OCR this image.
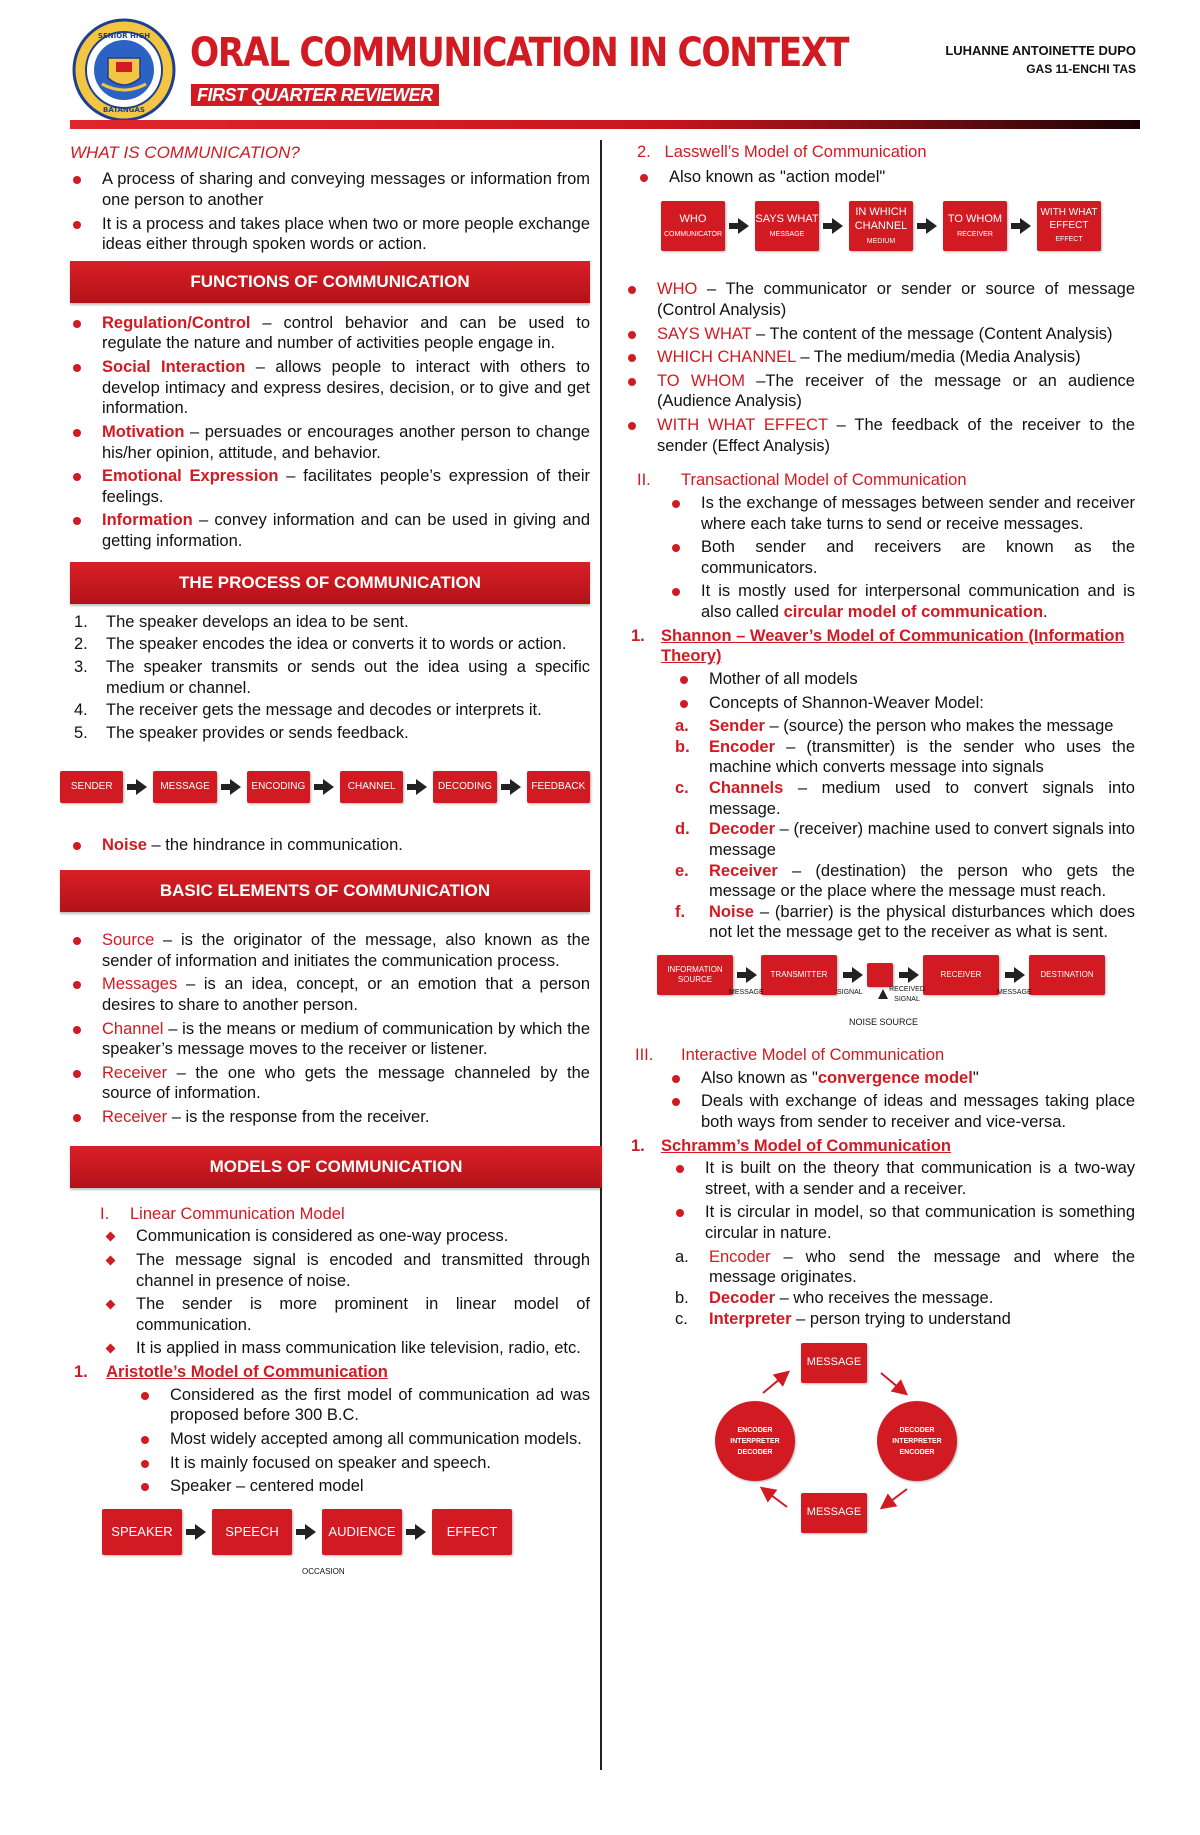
SENIOR HIGH
BATANGAS
ORAL COMMUNICATION IN CONTEXT
FIRST QUARTER REVIEWER
LUHANNE ANTOINETTE DUPO
GAS 11-ENCHI TAS
WHAT IS COMMUNICATION?
A process of sharing and conveying messages or information from one person to another
It is a process and takes place when two or more people exchange ideas either through spoken words or action.
FUNCTIONS OF COMMUNICATION
Regulation/Control – control behavior and can be used to regulate the nature and number of activities people engage in.
Social Interaction – allows people to interact with others to develop intimacy and express desires, decision, or to give and get information.
Motivation – persuades or encourages another person to change his/her opinion, attitude, and behavior.
Emotional Expression – facilitates people’s expression of their feelings.
Information – convey information and can be used in giving and getting information.
THE PROCESS OF COMMUNICATION
1. The speaker develops an idea to be sent.
2. The speaker encodes the idea or converts it to words or action.
3. The speaker transmits or sends out the idea using a specific medium or channel.
4. The receiver gets the message and decodes or interprets it.
5. The speaker provides or sends feedback.
SENDER	MESSAGE	ENCODING	CHANNEL	DECODING	FEEDBACK
Noise – the hindrance in communication.
BASIC ELEMENTS OF COMMUNICATION
Source – is the originator of the message, also known as the sender of information and initiates the communication process.
Messages – is an idea, concept, or an emotion that a person desires to share to another person.
Channel – is the means or medium of communication by which the speaker’s message moves to the receiver or listener.
Receiver – the one who gets the message channeled by the source of information.
Receiver – is the response from the receiver.
MODELS OF COMMUNICATION
I. Linear Communication Model
Communication is considered as one-way process.
The message signal is encoded and transmitted through channel in presence of noise.
The sender is more prominent in linear model of communication.
It is applied in mass communication like television, radio, etc.
1. Aristotle’s Model of Communication
Considered as the first model of communication ad was proposed before 300 B.C.
Most widely accepted among all communication models.
It is mainly focused on speaker and speech.
Speaker – centered model
SPEAKER	SPEECH	AUDIENCE	EFFECT
OCCASION
2. Lasswell’s Model of Communication
Also known as "action model"
WHO
COMMUNICATOR
SAYS WHAT
MESSAGE
IN WHICH CHANNEL
MEDIUM
TO WHOM
RECEIVER
WITH WHAT EFFECT
EFFECT
WHO – The communicator or sender or source of message (Control Analysis)
SAYS WHAT – The content of the message (Content Analysis)
WHICH CHANNEL – The medium/media (Media Analysis)
TO WHOM –The receiver of the message or an audience (Audience Analysis)
WITH WHAT EFFECT – The feedback of the receiver to the sender (Effect Analysis)
II. Transactional Model of Communication
Is the exchange of messages between sender and receiver where each take turns to send or receive messages.
Both sender and receivers are known as the communicators.
It is mostly used for interpersonal communication and is also called circular model of communication.
1. Shannon – Weaver’s Model of Communication (Information Theory)
Mother of all models
Concepts of Shannon-Weaver Model:
a. Sender – (source) the person who makes the message
b. Encoder – (transmitter) is the sender who uses the machine which converts message into signals
c. Channels – medium used to convert signals into message.
d. Decoder – (receiver) machine used to convert signals into message
e. Receiver – (destination) the person who gets the message or the place where the message must reach.
f. Noise – (barrier) is the physical disturbances which does not let the message get to the receiver as what is sent.
INFORMATION SOURCE
TRANSMITTER	RECEIVER	DESTINATION
MESSAGE	SIGNAL	RECEIVED SIGNAL
MESSAGE
NOISE SOURCE
III. Interactive Model of Communication
Also known as "convergence model"
Deals with exchange of ideas and messages taking place both ways from sender to receiver and vice-versa.
1. Schramm’s Model of Communication
It is built on the theory that communication is a two-way street, with a sender and a receiver.
It is circular in model, so that communication is something circular in nature.
a. Encoder – who send the message and where the message originates.
b. Decoder – who receives the message.
c. Interpreter – person trying to understand
MESSAGE
MESSAGE
ENCODER
INTERPRETER
DECODER
DECODER
INTERPRETER
ENCODER
